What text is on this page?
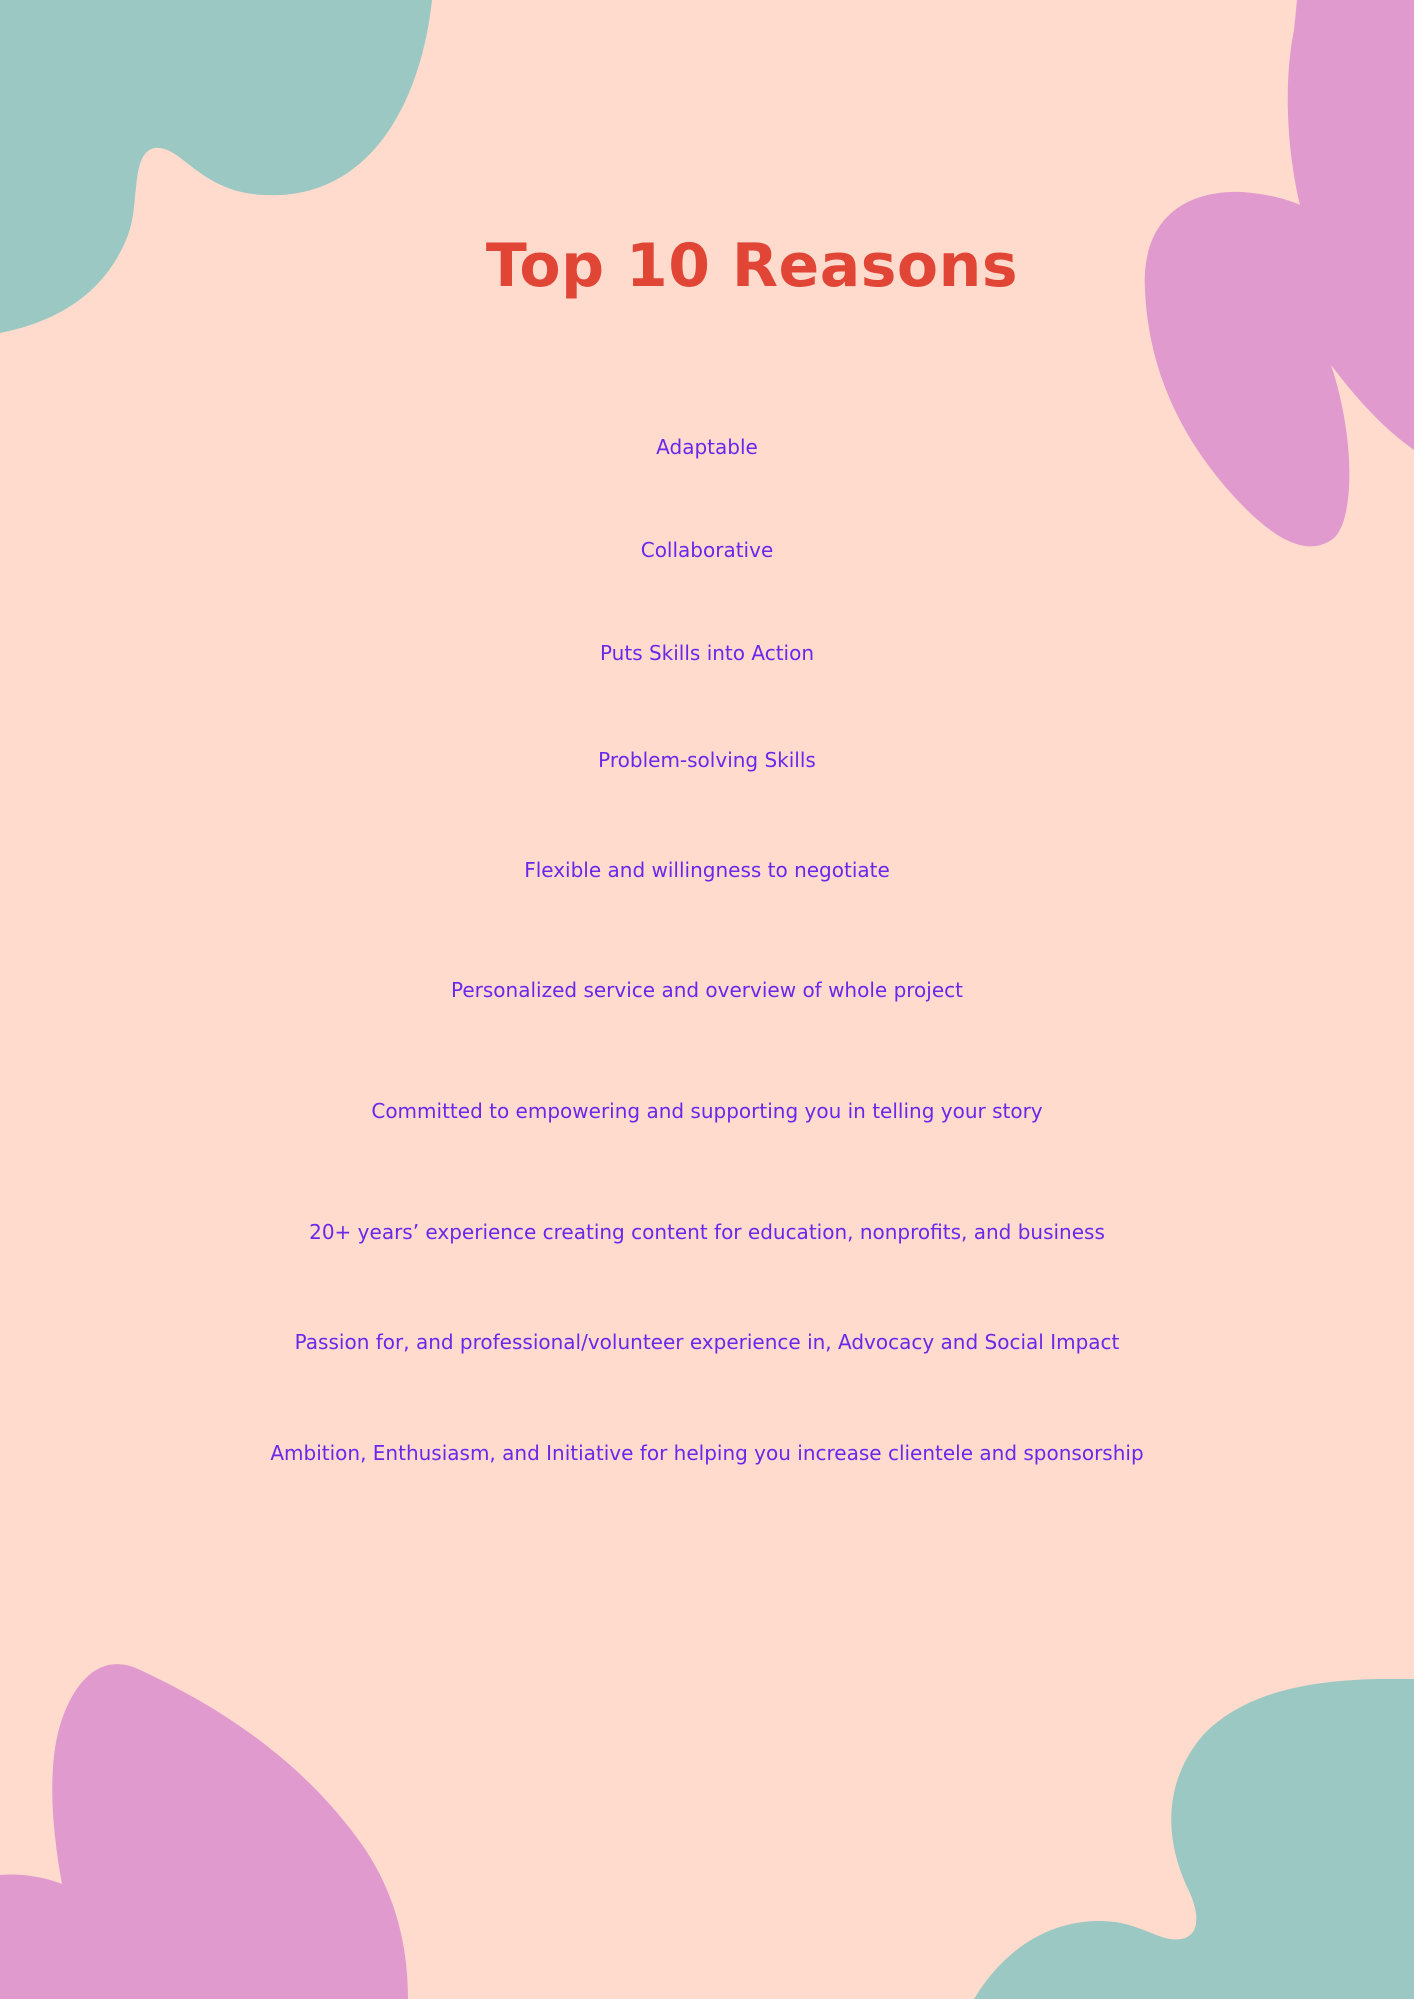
Top 10 Reasons
Adaptable
Collaborative
Puts Skills into Action
Problem-solving Skills
Flexible and willingness to negotiate
Personalized service and overview of whole project
Committed to empowering and supporting you in telling your story
20+ years’ experience creating content for education, nonprofits, and business
Passion for, and professional/volunteer experience in, Advocacy and Social Impact
Ambition, Enthusiasm, and Initiative for helping you increase clientele and sponsorship
